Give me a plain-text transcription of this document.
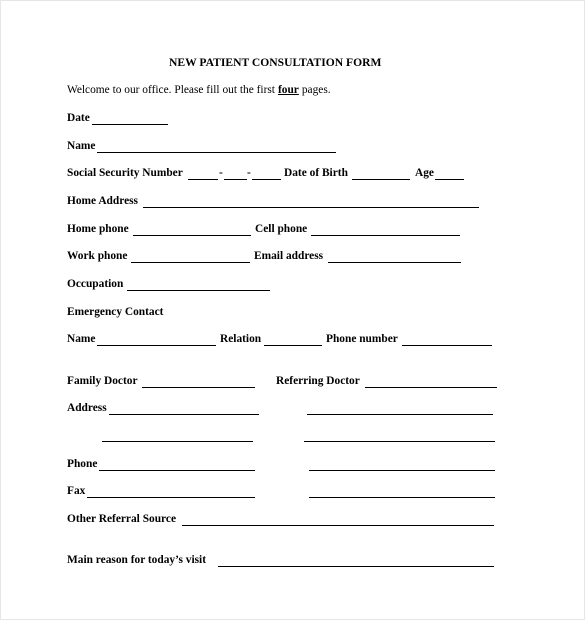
NEW PATIENT CONSULTATION FORM
Welcome to our office. Please fill out the first four pages.
Date
Name
Social Security Number	- -	Date of Birth	Age
Home Address
Home phone	Cell phone
Work phone	Email address
Occupation
Emergency Contact
Name	Relation	Phone number
Family Doctor	Referring Doctor
Address
Phone
Fax
Other Referral Source
Main reason for today’s visit
